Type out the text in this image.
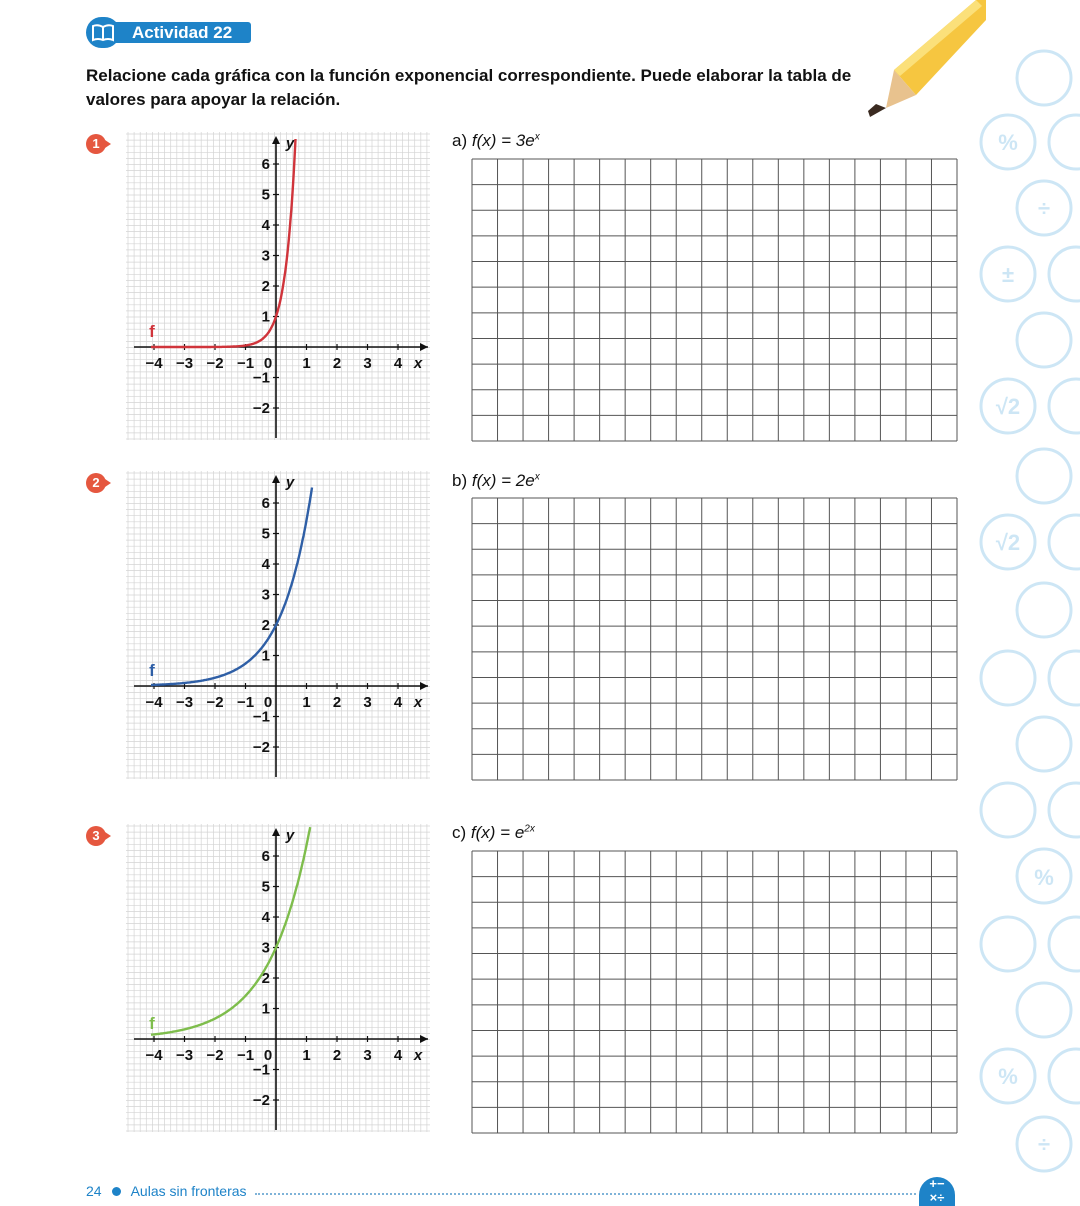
Actividad 22
Relacione cada gráfica con la función exponencial correspondiente. Puede elaborar la tabla de valores para apoyar la relación.
1
−4 −3 −2 −1	1 2 3 4
6
5
4
3
2
1
−1
−2
0	x
y
f
2
−4 −3 −2 −1	1 2 3 4
6
5
4
3
2
1
−1
−2
0	x
y
f
3
−4 −3 −2 −1	1 2 3 4
6
5
4
3
2
1
−1
−2
0	x
y
f
a) $f(x) = 3e^x$
b) $f(x) = 2e^x$
c) $f(x) = e^{2x}$
%
÷
±
√2
√2
%
%
÷
24 Aulas sin fronteras	+−
×÷
